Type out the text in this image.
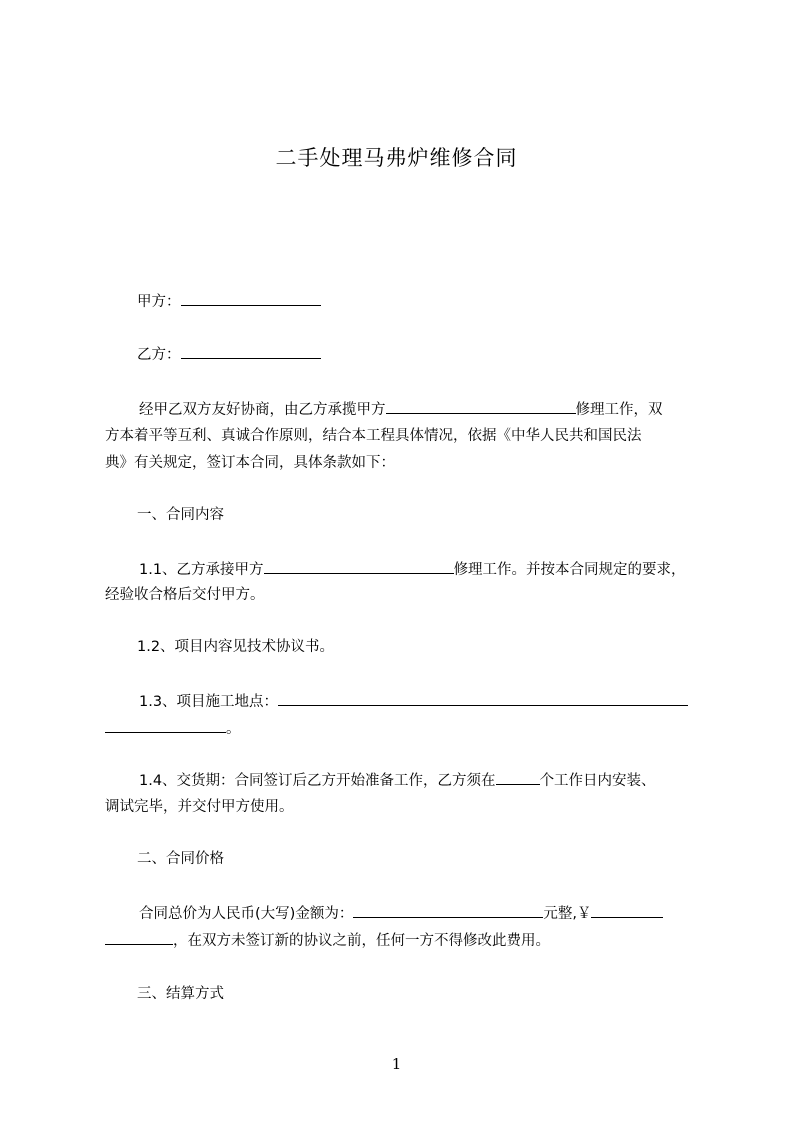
二手处理马弗炉维修合同
甲方：
乙方：
经甲乙双方友好协商，由乙方承揽甲方	修理工作，双
方本着平等互利、真诚合作原则，结合本工程具体情况，依据《中华人民共和国民法
典》有关规定，签订本合同，具体条款如下：
一、合同内容
1.1、乙方承接甲方	修理工作。并按本合同规定的要求，
经验收合格后交付甲方。
1.2、项目内容见技术协议书。
1.3、项目施工地点：
。
1.4、交货期：合同签订后乙方开始准备工作，乙方须在	个工作日内安装、
调试完毕，并交付甲方使用。
二、合同价格
合同总价为人民币(大写)金额为：	元整,￥
，在双方未签订新的协议之前，任何一方不得修改此费用。
三、结算方式
1
